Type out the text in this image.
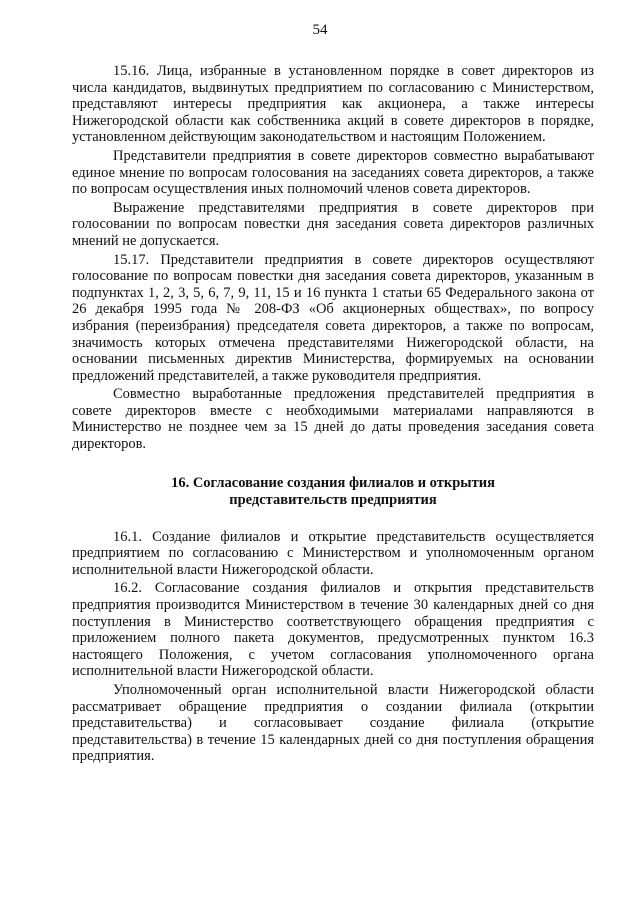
54

15.16. Лица, избранные в установленном порядке в совет директоров из числа кандидатов, выдвинутых предприятием по согласованию с Министерством, представляют интересы предприятия как акционера, а также интересы Нижегородской области как собственника акций в совете директоров в порядке, установленном действующим законодательством и настоящим Положением.

Представители предприятия в совете директоров совместно вырабатывают единое мнение по вопросам голосования на заседаниях совета директоров, а также по вопросам осуществления иных полномочий членов совета директоров.

Выражение представителями предприятия в совете директоров при голосовании по вопросам повестки дня заседания совета директоров различных мнений не допускается.

15.17. Представители предприятия в совете директоров осуществляют голосование по вопросам повестки дня заседания совета директоров, указанным в подпунктах 1, 2, 3, 5, 6, 7, 9, 11, 15 и 16 пункта 1 статьи 65 Федерального закона от 26 декабря 1995 года № 208-ФЗ «Об акционерных обществах», по вопросу избрания (переизбрания) председателя совета директоров, а также по вопросам, значимость которых отмечена представителями Нижегородской области, на основании письменных директив Министерства, формируемых на основании предложений представителей, а также руководителя предприятия.

Совместно выработанные предложения представителей предприятия в совете директоров вместе с необходимыми материалами направляются в Министерство не позднее чем за 15 дней до даты проведения заседания совета директоров.

16. Согласование создания филиалов и открытия
представительств предприятия

16.1. Создание филиалов и открытие представительств осуществляется предприятием по согласованию с Министерством и уполномоченным органом исполнительной власти Нижегородской области.

16.2. Согласование создания филиалов и открытия представительств предприятия производится Министерством в течение 30 календарных дней со дня поступления в Министерство соответствующего обращения предприятия с приложением полного пакета документов, предусмотренных пунктом 16.3 настоящего Положения, с учетом согласования уполномоченного органа исполнительной власти Нижегородской области.

Уполномоченный орган исполнительной власти Нижегородской области рассматривает обращение предприятия о создании филиала (открытии представительства) и согласовывает создание филиала (открытие представительства) в течение 15 календарных дней со дня поступления обращения предприятия.
